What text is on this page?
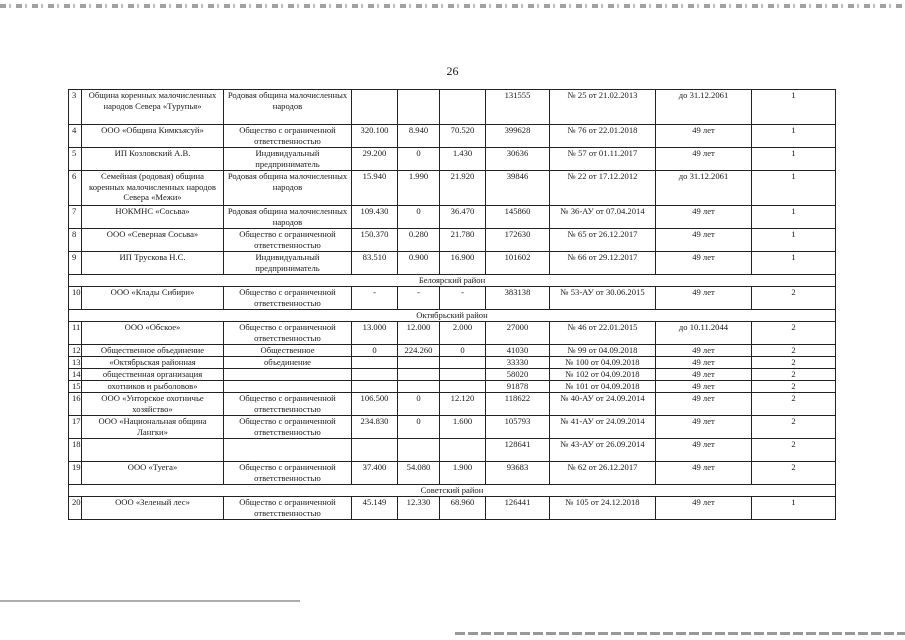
26
3	Община коренных малочисленных народов Севера «Турупья»	Родовая община малочисленных народов				131555	№ 25 от 21.02.2013	до 31.12.2061	1
4	ООО «Община Кимкъясуй»	Общество с ограниченной ответственностью	320.100	8.940	70.520	399628	№ 76 от 22.01.2018	49 лет	1
5	ИП Козловский А.В.	Индивидуальный предприниматель	29.200	0	1.430	30636	№ 57 от 01.11.2017	49 лет	1
6	Семейная (родовая) община коренных малочисленных народов Севера «Межи»	Родовая община малочисленных народов	15.940	1.990	21.920	39846	№ 22 от 17.12.2012	до 31.12.2061	1
7	НОКМНС «Сосьва»	Родовая община малочисленных народов	109.430	0	36.470	145860	№ 36-АУ от 07.04.2014	49 лет	1
8	ООО «Северная Сосьва»	Общество с ограниченной ответственностью	150.370	0.280	21.780	172630	№ 65 от 26.12.2017	49 лет	1
9	ИП Трускова Н.С.	Индивидуальный предприниматель	83.510	0.900	16.900	101602	№ 66 от 29.12.2017	49 лет	1
Белоярский район									
10	ООО «Клады Сибири»	Общество с ограниченной ответственностью	-	-	-	383138	№ 53-АУ от 30.06.2015	49 лет	2
Октябрьский район									
11	ООО «Обское»	Общество с ограниченной ответственностью	13.000	12.000	2.000	27000	№ 46 от 22.01.2015	до 10.11.2044	2
12	Общественное объединение	Общественное	0	224.260	0	41030	№ 99 от 04.09.2018	49 лет	2
13	«Октябрьская районная	объединение				33330	№ 100 от 04.09.2018	49 лет	2
14	общественная организация					58020	№ 102 от 04.09.2018	49 лет	2
15	охотников и рыболовов»					91878	№ 101 от 04.09.2018	49 лет	2
16	ООО «Унторское охотничье хозяйство»	Общество с ограниченной ответственностью	106.500	0	12.120	118622	№ 40-АУ от 24.09.2014	49 лет	2
17	ООО «Национальная община Лангки»	Общество с ограниченной ответственностью	234.830	0	1.600	105793	№ 41-АУ от 24.09.2014	49 лет	2
18						128641	№ 43-АУ от 26.09.2014	49 лет	2
19	ООО «Туега»	Общество с ограниченной ответственностью	37.400	54.080	1.900	93683	№ 62 от 26.12.2017	49 лет	2
Советский район									
20	ООО «Зеленый лес»	Общество с ограниченной ответственностью	45.149	12.330	68.960	126441	№ 105 от 24.12.2018	49 лет	1
